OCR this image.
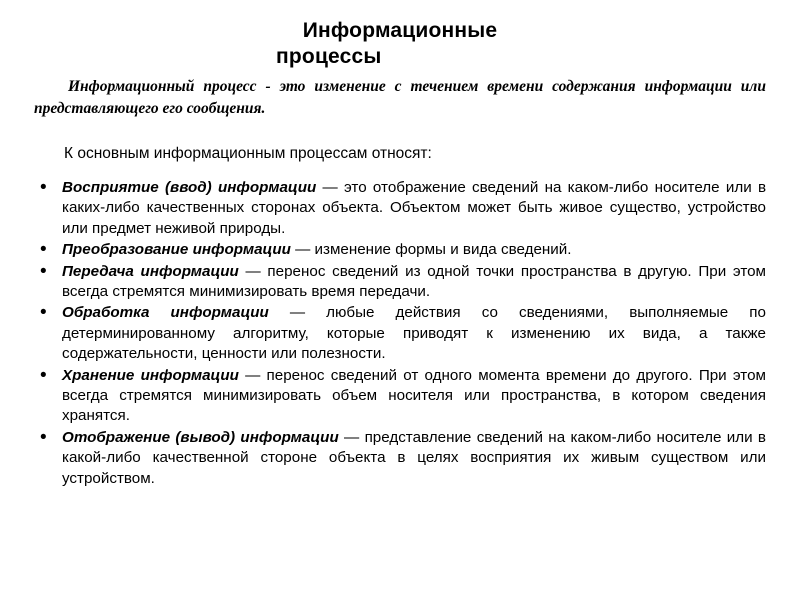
Информационные
процессы

Информационный процесс - это изменение с течением времени содержания информации или представляющего его сообщения.

К основным информационным процессам относят:

• Восприятие (ввод) информации — это отображение сведений на каком-либо носителе или в каких-либо качественных сторонах объекта. Объектом может быть живое существо, устройство или предмет неживой природы.
• Преобразование информации — изменение формы и вида сведений.
• Передача информации — перенос сведений из одной точки пространства в другую. При этом всегда стремятся минимизировать время передачи.
• Обработка информации — любые действия со сведениями, выполняемые по детерминированному алгоритму, которые приводят к изменению их вида, а также содержательности, ценности или полезности.
• Хранение информации — перенос сведений от одного момента времени до другого. При этом всегда стремятся минимизировать объем носителя или пространства, в котором сведения хранятся.
• Отображение (вывод) информации — представление сведений на каком-либо носителе или в какой-либо качественной стороне объекта в целях восприятия их живым существом или устройством.
